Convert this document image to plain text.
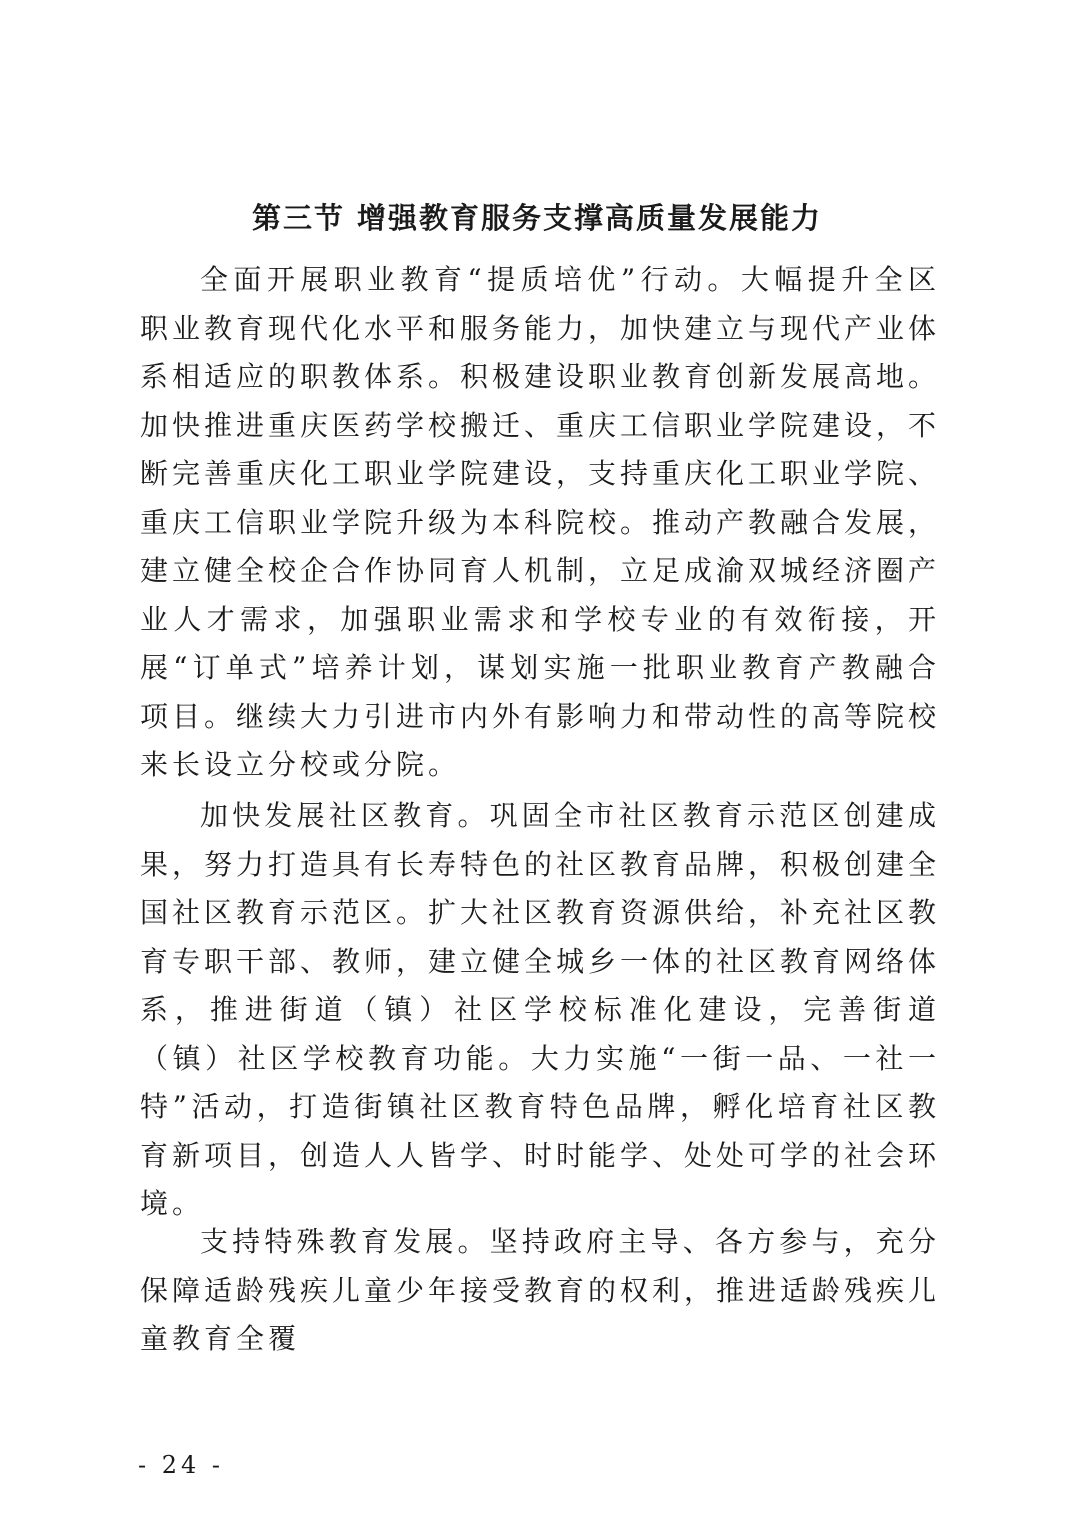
第三节 增强教育服务支撑高质量发展能力

全面开展职业教育“提质培优”行动。大幅提升全区职业教育现代化水平和服务能力，加快建立与现代产业体系相适应的职教体系。积极建设职业教育创新发展高地。加快推进重庆医药学校搬迁、重庆工信职业学院建设，不断完善重庆化工职业学院建设，支持重庆化工职业学院、重庆工信职业学院升级为本科院校。推动产教融合发展，建立健全校企合作协同育人机制，立足成渝双城经济圈产业人才需求，加强职业需求和学校专业的有效衔接，开展“订单式”培养计划，谋划实施一批职业教育产教融合项目。继续大力引进市内外有影响力和带动性的高等院校来长设立分校或分院。

加快发展社区教育。巩固全市社区教育示范区创建成果，努力打造具有长寿特色的社区教育品牌，积极创建全国社区教育示范区。扩大社区教育资源供给，补充社区教育专职干部、教师，建立健全城乡一体的社区教育网络体系，推进街道（镇）社区学校标准化建设，完善街道（镇）社区学校教育功能。大力实施“一街一品、一社一特”活动，打造街镇社区教育特色品牌，孵化培育社区教育新项目，创造人人皆学、时时能学、处处可学的社会环境。

支持特殊教育发展。坚持政府主导、各方参与，充分保障适龄残疾儿童少年接受教育的权利，推进适龄残疾儿童教育全覆

- 24 -
